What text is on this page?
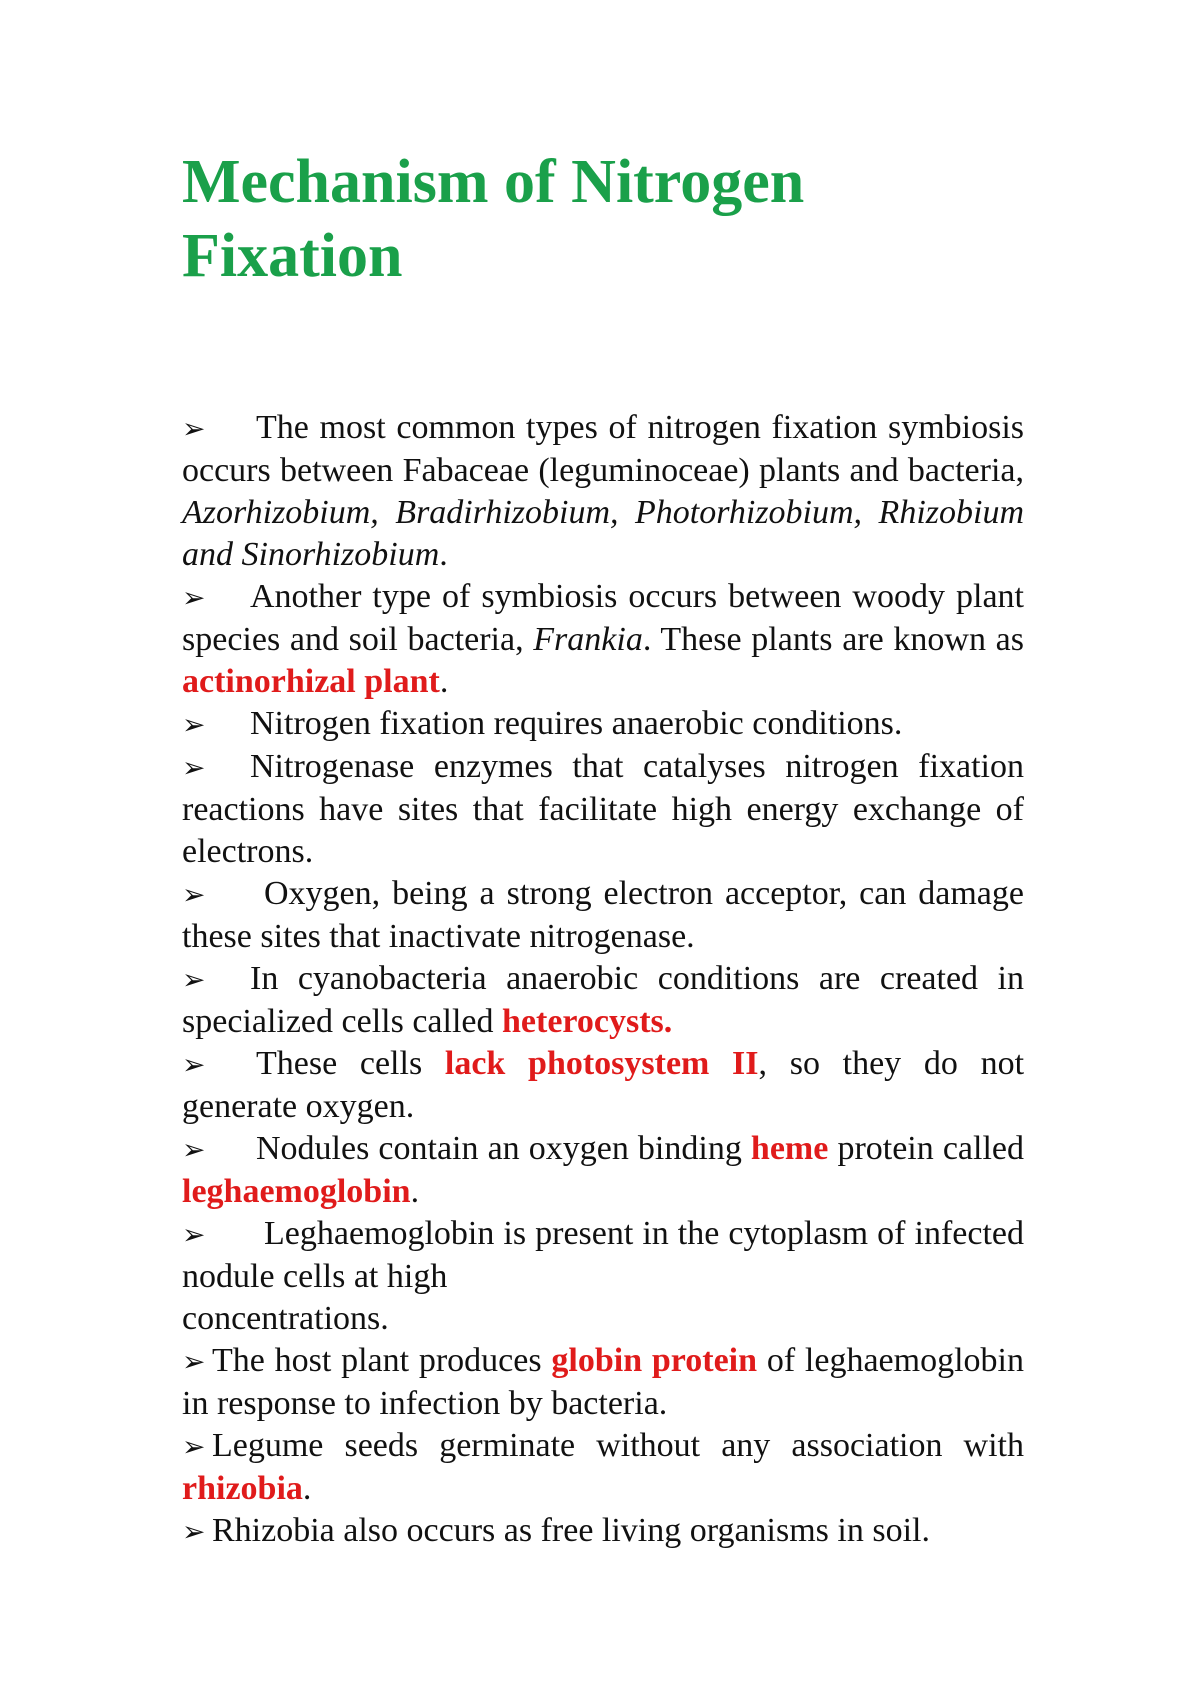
Mechanism of Nitrogen
Fixation

➢ The most common types of nitrogen fixation symbiosis occurs between Fabaceae (leguminoceae) plants and bacteria, Azorhizobium, Bradirhizobium, Photorhizobium, Rhizobium and Sinorhizobium.

➢ Another type of symbiosis occurs between woody plant species and soil bacteria, Frankia. These plants are known as actinorhizal plant.

➢ Nitrogen fixation requires anaerobic conditions.

➢ Nitrogenase enzymes that catalyses nitrogen fixation reactions have sites that facilitate high energy exchange of electrons.

➢ Oxygen, being a strong electron acceptor, can damage these sites that inactivate nitrogenase.

➢ In cyanobacteria anaerobic conditions are created in specialized cells called heterocysts.

➢ These cells lack photosystem II, so they do not generate oxygen.

➢ Nodules contain an oxygen binding heme protein called leghaemoglobin.

➢ Leghaemoglobin is present in the cytoplasm of infected nodule cells at high
concentrations.

➢ The host plant produces globin protein of leghaemoglobin in response to infection by bacteria.

➢ Legume seeds germinate without any association with rhizobia.

➢ Rhizobia also occurs as free living organisms in soil.
